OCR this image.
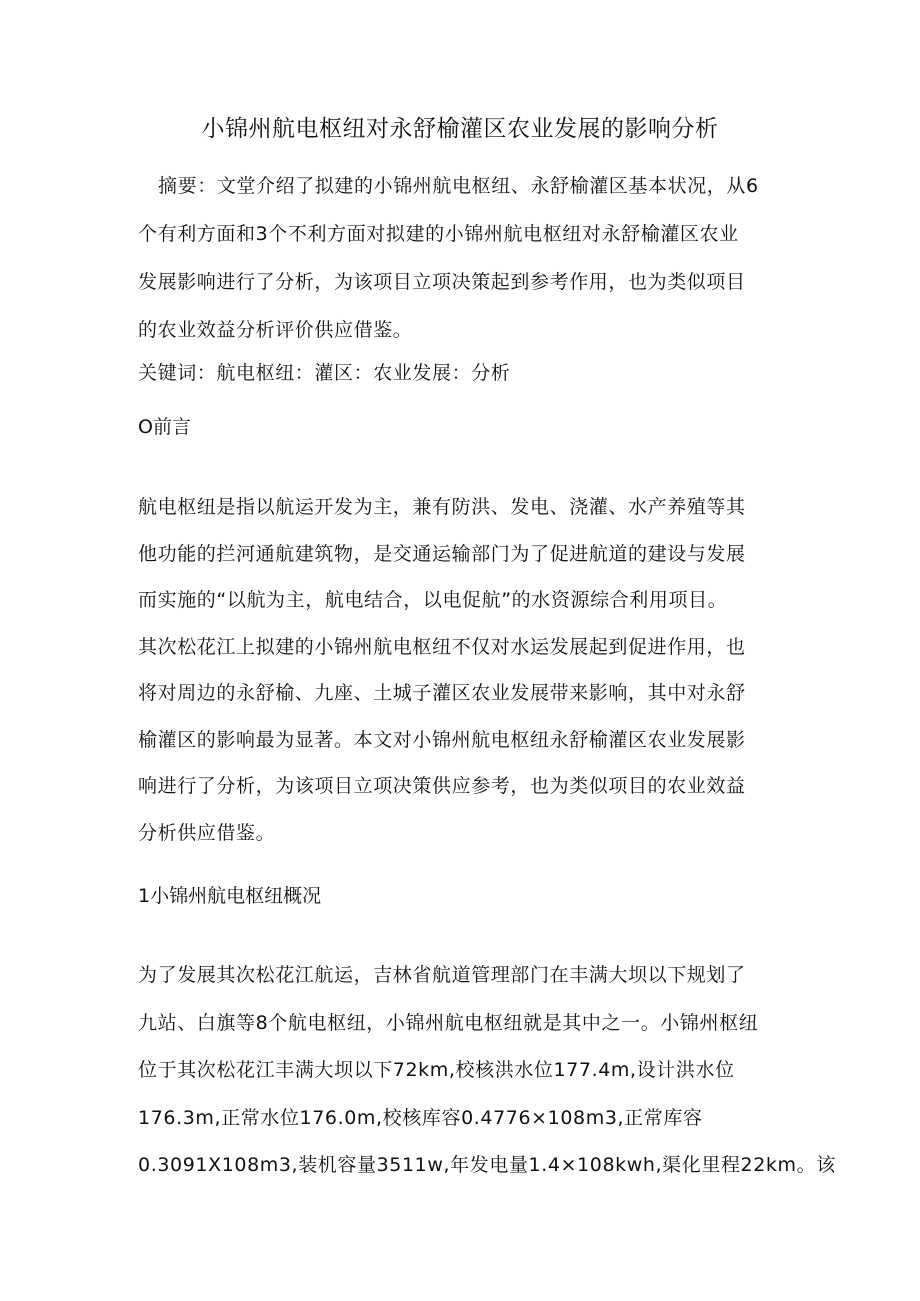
小锦州航电枢纽对永舒榆灌区农业发展的影响分析
摘要：文堂介绍了拟建的小锦州航电枢纽、永舒榆灌区基本状况，从6
个有利方面和3个不利方面对拟建的小锦州航电枢纽对永舒榆灌区农业
发展影响进行了分析，为该项目立项决策起到参考作用，也为类似项目
的农业效益分析评价供应借鉴。
关键词：航电枢纽：灌区：农业发展：分析
O前言
航电枢纽是指以航运开发为主，兼有防洪、发电、浇灌、水产养殖等其
他功能的拦河通航建筑物，是交通运输部门为了促进航道的建设与发展
而实施的“以航为主，航电结合，以电促航”的水资源综合利用项目。
其次松花江上拟建的小锦州航电枢纽不仅对水运发展起到促进作用，也
将对周边的永舒榆、九座、土城子灌区农业发展带来影响，其中对永舒
榆灌区的影响最为显著。本文对小锦州航电枢纽永舒榆灌区农业发展影
响进行了分析，为该项目立项决策供应参考，也为类似项目的农业效益
分析供应借鉴。
1小锦州航电枢纽概况
为了发展其次松花江航运，吉林省航道管理部门在丰满大坝以下规划了
九站、白旗等8个航电枢纽，小锦州航电枢纽就是其中之一。小锦州枢纽
位于其次松花江丰满大坝以下72km,校核洪水位177.4m,设计洪水位
176.3m,正常水位176.0m,校核库容0.4776×108m3,正常库容
0.3091X108m3,装机容量3511w,年发电量1.4×108kwh,渠化里程22km。该
